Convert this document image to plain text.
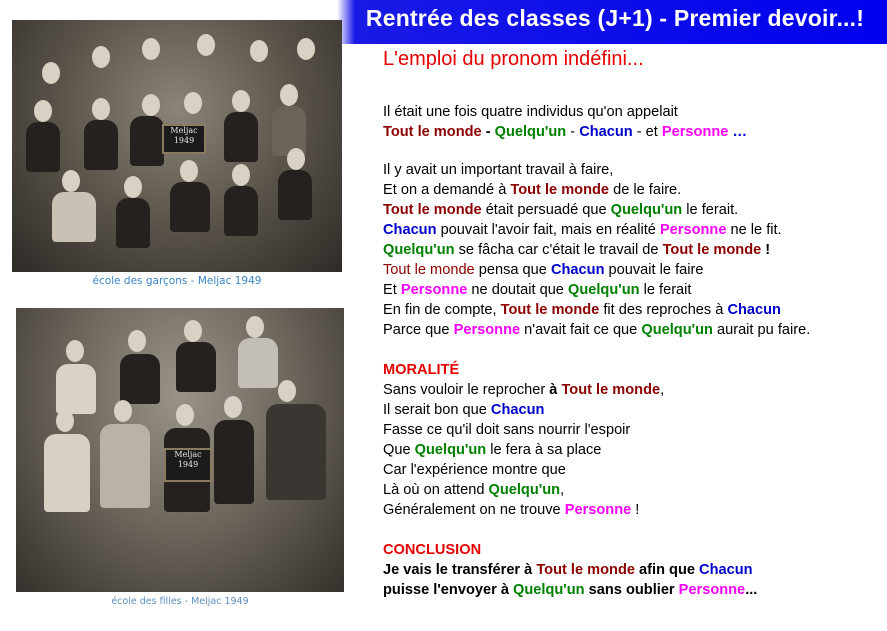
Rentrée des classes (J+1) - Premier devoir...!
Meljac 1949
école des garçons - Meljac 1949
Meljac 1949
école des filles - Meljac 1949
L'emploi du pronom indéfini...
Il était une fois quatre individus qu'on appelait
Tout le monde - Quelqu'un - Chacun - et Personne …
Il y avait un important travail à faire,
Et on a demandé à Tout le monde de le faire.
Tout le monde était persuadé que Quelqu'un le ferait.
Chacun pouvait l'avoir fait, mais en réalité Personne ne le fit.
Quelqu'un se fâcha car c'était le travail de Tout le monde !
Tout le monde pensa que Chacun pouvait le faire
Et Personne ne doutait que Quelqu'un le ferait
En fin de compte, Tout le monde fit des reproches à Chacun
Parce que Personne n'avait fait ce que Quelqu'un aurait pu faire.
MORALITÉ
Sans vouloir le reprocher à Tout le monde,
Il serait bon que Chacun
Fasse ce qu'il doit sans nourrir l'espoir
Que Quelqu'un le fera à sa place
Car l'expérience montre que
Là où on attend Quelqu'un,
Généralement on ne trouve Personne !
CONCLUSION
Je vais le transférer à Tout le monde afin que Chacun
puisse l'envoyer à Quelqu'un sans oublier Personne...
